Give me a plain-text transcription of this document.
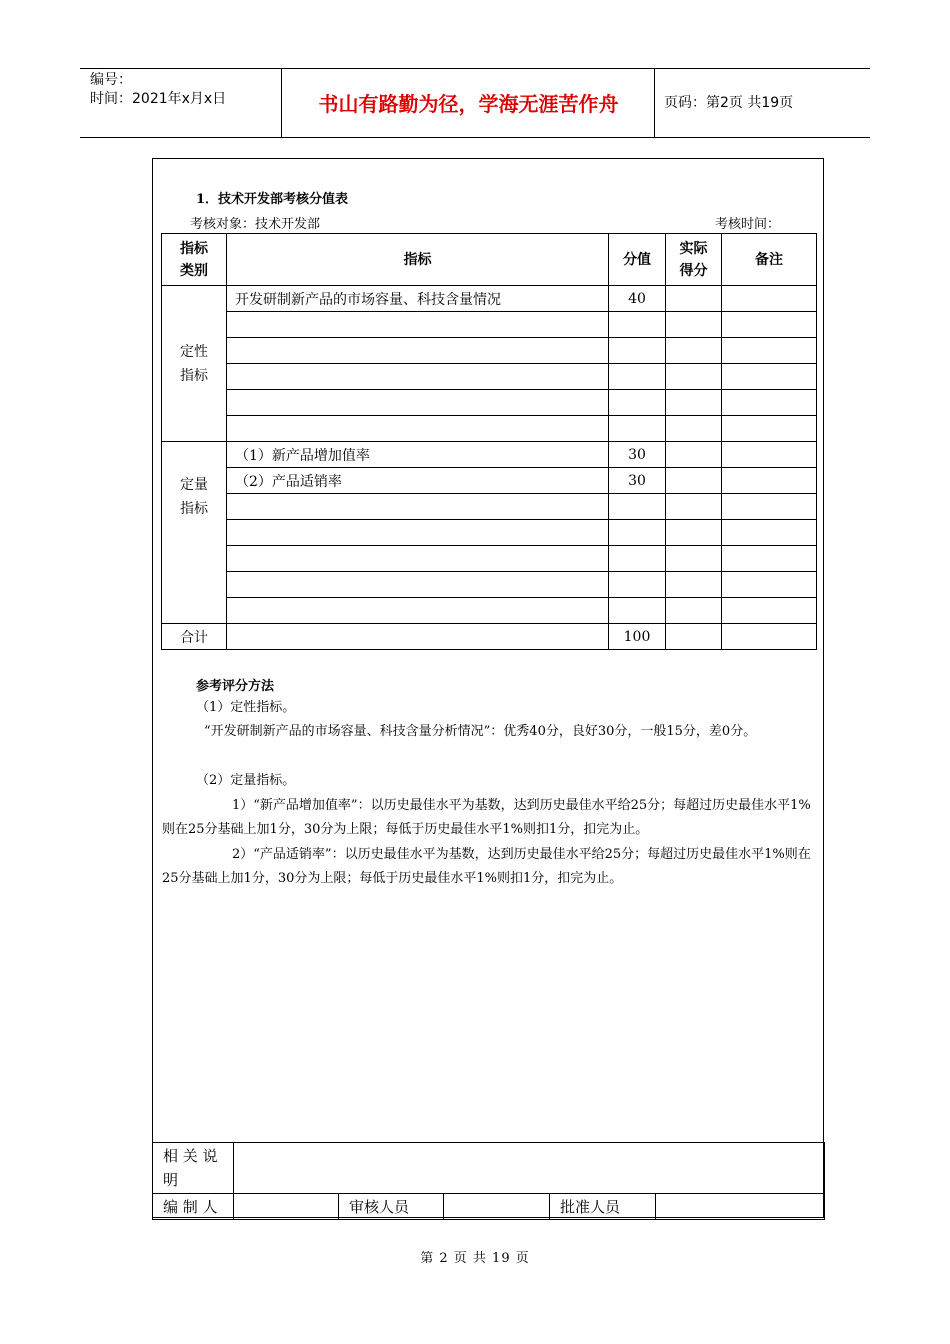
编号：
时间：2021年x月x日	书山有路勤为径，学海无涯苦作舟	页码：第2页 共19页
1．技术开发部考核分值表
考核对象：技术开发部	考核时间：
指标类别	指标	分值	实际得分	备注

定性指标	开发研制新产品的市场容量、科技含量情况	40		

定量指标	（1）新产品增加值率	30		
	（2）产品适销率	30		

合计		100		
参考评分方法
（1）定性指标。
“开发研制新产品的市场容量、科技含量分析情况”：优秀40分，良好30分，一般15分，差0分。
（2）定量指标。
1）“新产品增加值率”：以历史最佳水平为基数，达到历史最佳水平给25分；每超过历史最佳水平1%则在25分基础上加1分，30分为上限；每低于历史最佳水平1%则扣1分，扣完为止。
2）“产品适销率”：以历史最佳水平为基数，达到历史最佳水平给25分；每超过历史最佳水平1%则在25分基础上加1分，30分为上限；每低于历史最佳水平1%则扣1分，扣完为止。
相 关 说 明					
编 制 人		审核人员		批准人员	
第 2 页 共 19 页
